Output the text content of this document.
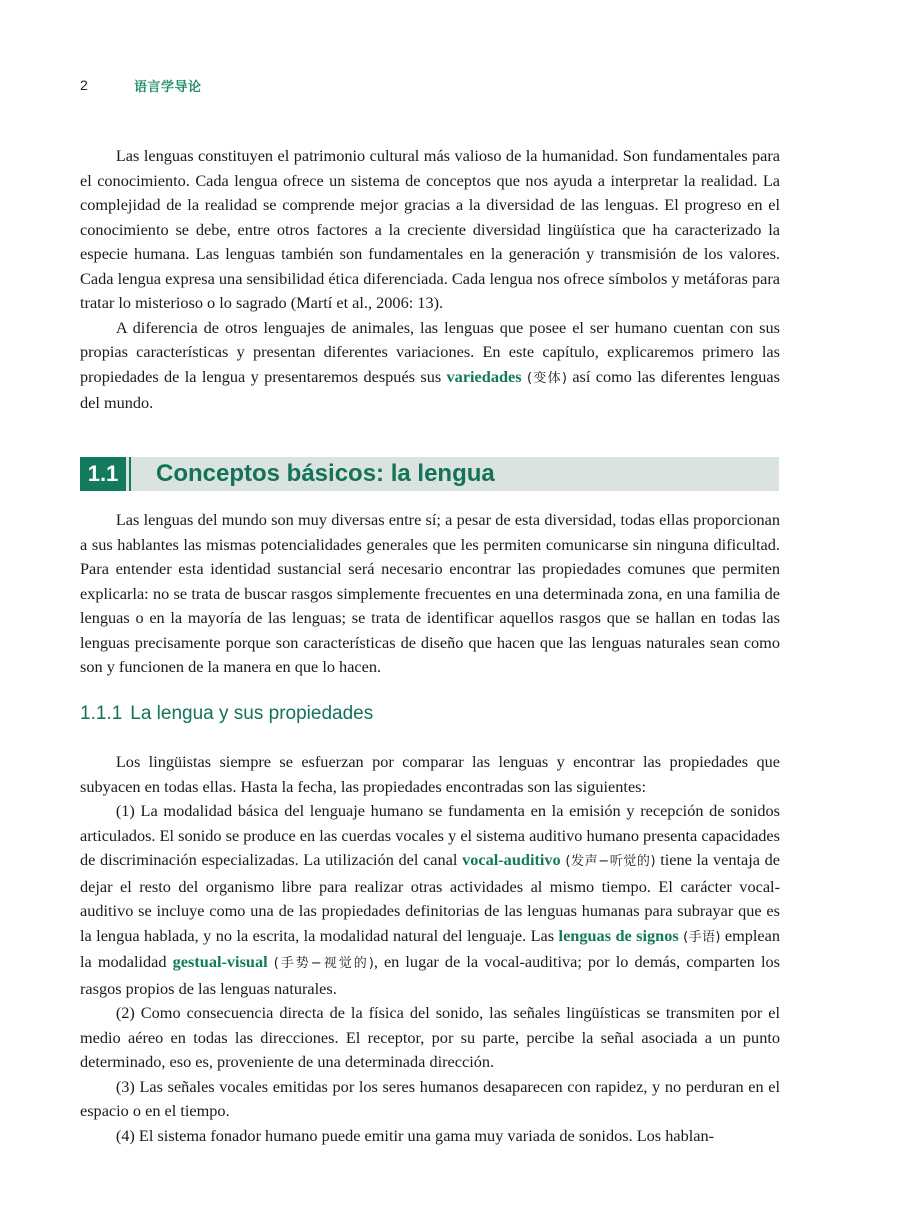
2	语言学导论

Las lenguas constituyen el patrimonio cultural más valioso de la humanidad. Son fundamentales para el conocimiento. Cada lengua ofrece un sistema de conceptos que nos ayuda a interpretar la realidad. La complejidad de la realidad se comprende mejor gracias a la diversidad de las lenguas. El progreso en el conocimiento se debe, entre otros factores a la creciente diversidad lingüística que ha caracterizado la especie humana. Las lenguas también son fundamentales en la generación y transmisión de los valores. Cada lengua expresa una sensibilidad ética diferenciada. Cada lengua nos ofrece símbolos y metáforas para tratar lo misterioso o lo sagrado (Martí et al., 2006: 13).

A diferencia de otros lenguajes de animales, las lenguas que posee el ser humano cuentan con sus propias características y presentan diferentes variaciones. En este capítulo, explicaremos primero las propiedades de la lengua y presentaremos después sus variedades (变体) así como las diferentes lenguas del mundo.

1.1	Conceptos básicos: la lengua

Las lenguas del mundo son muy diversas entre sí; a pesar de esta diversidad, todas ellas proporcionan a sus hablantes las mismas potencialidades generales que les permiten comunicarse sin ninguna dificultad. Para entender esta identidad sustancial será necesario encontrar las propiedades comunes que permiten explicarla: no se trata de buscar rasgos simplemente frecuentes en una determinada zona, en una familia de lenguas o en la mayoría de las lenguas; se trata de identificar aquellos rasgos que se hallan en todas las lenguas precisamente porque son características de diseño que hacen que las lenguas naturales sean como son y funcionen de la manera en que lo hacen.

1.1.1 La lengua y sus propiedades

Los lingüistas siempre se esfuerzan por comparar las lenguas y encontrar las propiedades que subyacen en todas ellas. Hasta la fecha, las propiedades encontradas son las siguientes:

(1) La modalidad básica del lenguaje humano se fundamenta en la emisión y recepción de sonidos articulados. El sonido se produce en las cuerdas vocales y el sistema auditivo humano presenta capacidades de discriminación especializadas. La utilización del canal vocal-auditivo (发声−听觉的) tiene la ventaja de dejar el resto del organismo libre para realizar otras actividades al mismo tiempo. El carácter vocal-auditivo se incluye como una de las propiedades definitorias de las lenguas humanas para subrayar que es la lengua hablada, y no la escrita, la modalidad natural del lenguaje. Las lenguas de signos (手语) emplean la modalidad gestual-visual (手势−视觉的), en lugar de la vocal-auditiva; por lo demás, comparten los rasgos propios de las lenguas naturales.

(2) Como consecuencia directa de la física del sonido, las señales lingüísticas se transmiten por el medio aéreo en todas las direcciones. El receptor, por su parte, percibe la señal asociada a un punto determinado, eso es, proveniente de una determinada dirección.

(3) Las señales vocales emitidas por los seres humanos desaparecen con rapidez, y no perduran en el espacio o en el tiempo.

(4) El sistema fonador humano puede emitir una gama muy variada de sonidos. Los hablan-
